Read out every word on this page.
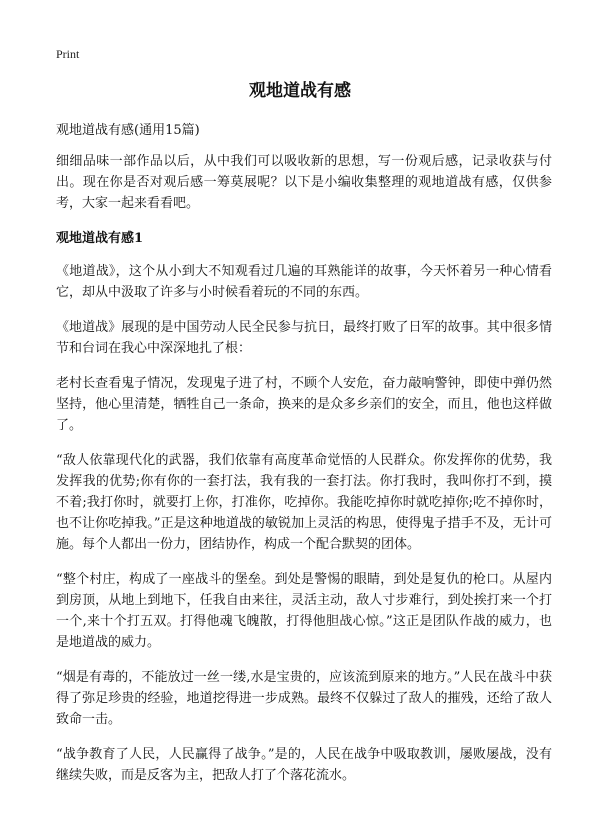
Print
观地道战有感

观地道战有感(通用15篇)

细细品味一部作品以后，从中我们可以吸收新的思想，写一份观后感，记录收获与付出。现在你是否对观后感一筹莫展呢？以下是小编收集整理的观地道战有感，仅供参考，大家一起来看看吧。

观地道战有感1

《地道战》，这个从小到大不知观看过几遍的耳熟能详的故事，今天怀着另一种心情看它，却从中汲取了许多与小时候看着玩的不同的东西。

《地道战》展现的是中国劳动人民全民参与抗日，最终打败了日军的故事。其中很多情节和台词在我心中深深地扎了根：

老村长查看鬼子情况，发现鬼子进了村，不顾个人安危，奋力敲响警钟，即使中弹仍然坚持，他心里清楚，牺牲自己一条命，换来的是众多乡亲们的安全，而且，他也这样做了。

“敌人依靠现代化的武器，我们依靠有高度革命觉悟的人民群众。你发挥你的优势，我发挥我的优势;你有你的一套打法，我有我的一套打法。你打我时，我叫你打不到，摸不着;我打你时，就要打上你，打准你，吃掉你。我能吃掉你时就吃掉你;吃不掉你时，也不让你吃掉我。”正是这种地道战的敏锐加上灵活的构思，使得鬼子措手不及，无计可施。每个人都出一份力，团结协作，构成一个配合默契的团体。

“整个村庄，构成了一座战斗的堡垒。到处是警惕的眼睛，到处是复仇的枪口。从屋内到房顶，从地上到地下，任我自由来往，灵活主动，敌人寸步难行，到处挨打来一个打一个,来十个打五双。打得他魂飞魄散，打得他胆战心惊。”这正是团队作战的威力，也是地道战的威力。

“烟是有毒的，不能放过一丝一缕,水是宝贵的，应该流到原来的地方。”人民在战斗中获得了弥足珍贵的经验，地道挖得进一步成熟。最终不仅躲过了敌人的摧残，还给了敌人致命一击。

“战争教育了人民，人民赢得了战争。”是的，人民在战争中吸取教训，屡败屡战，没有继续失败，而是反客为主，把敌人打了个落花流水。
